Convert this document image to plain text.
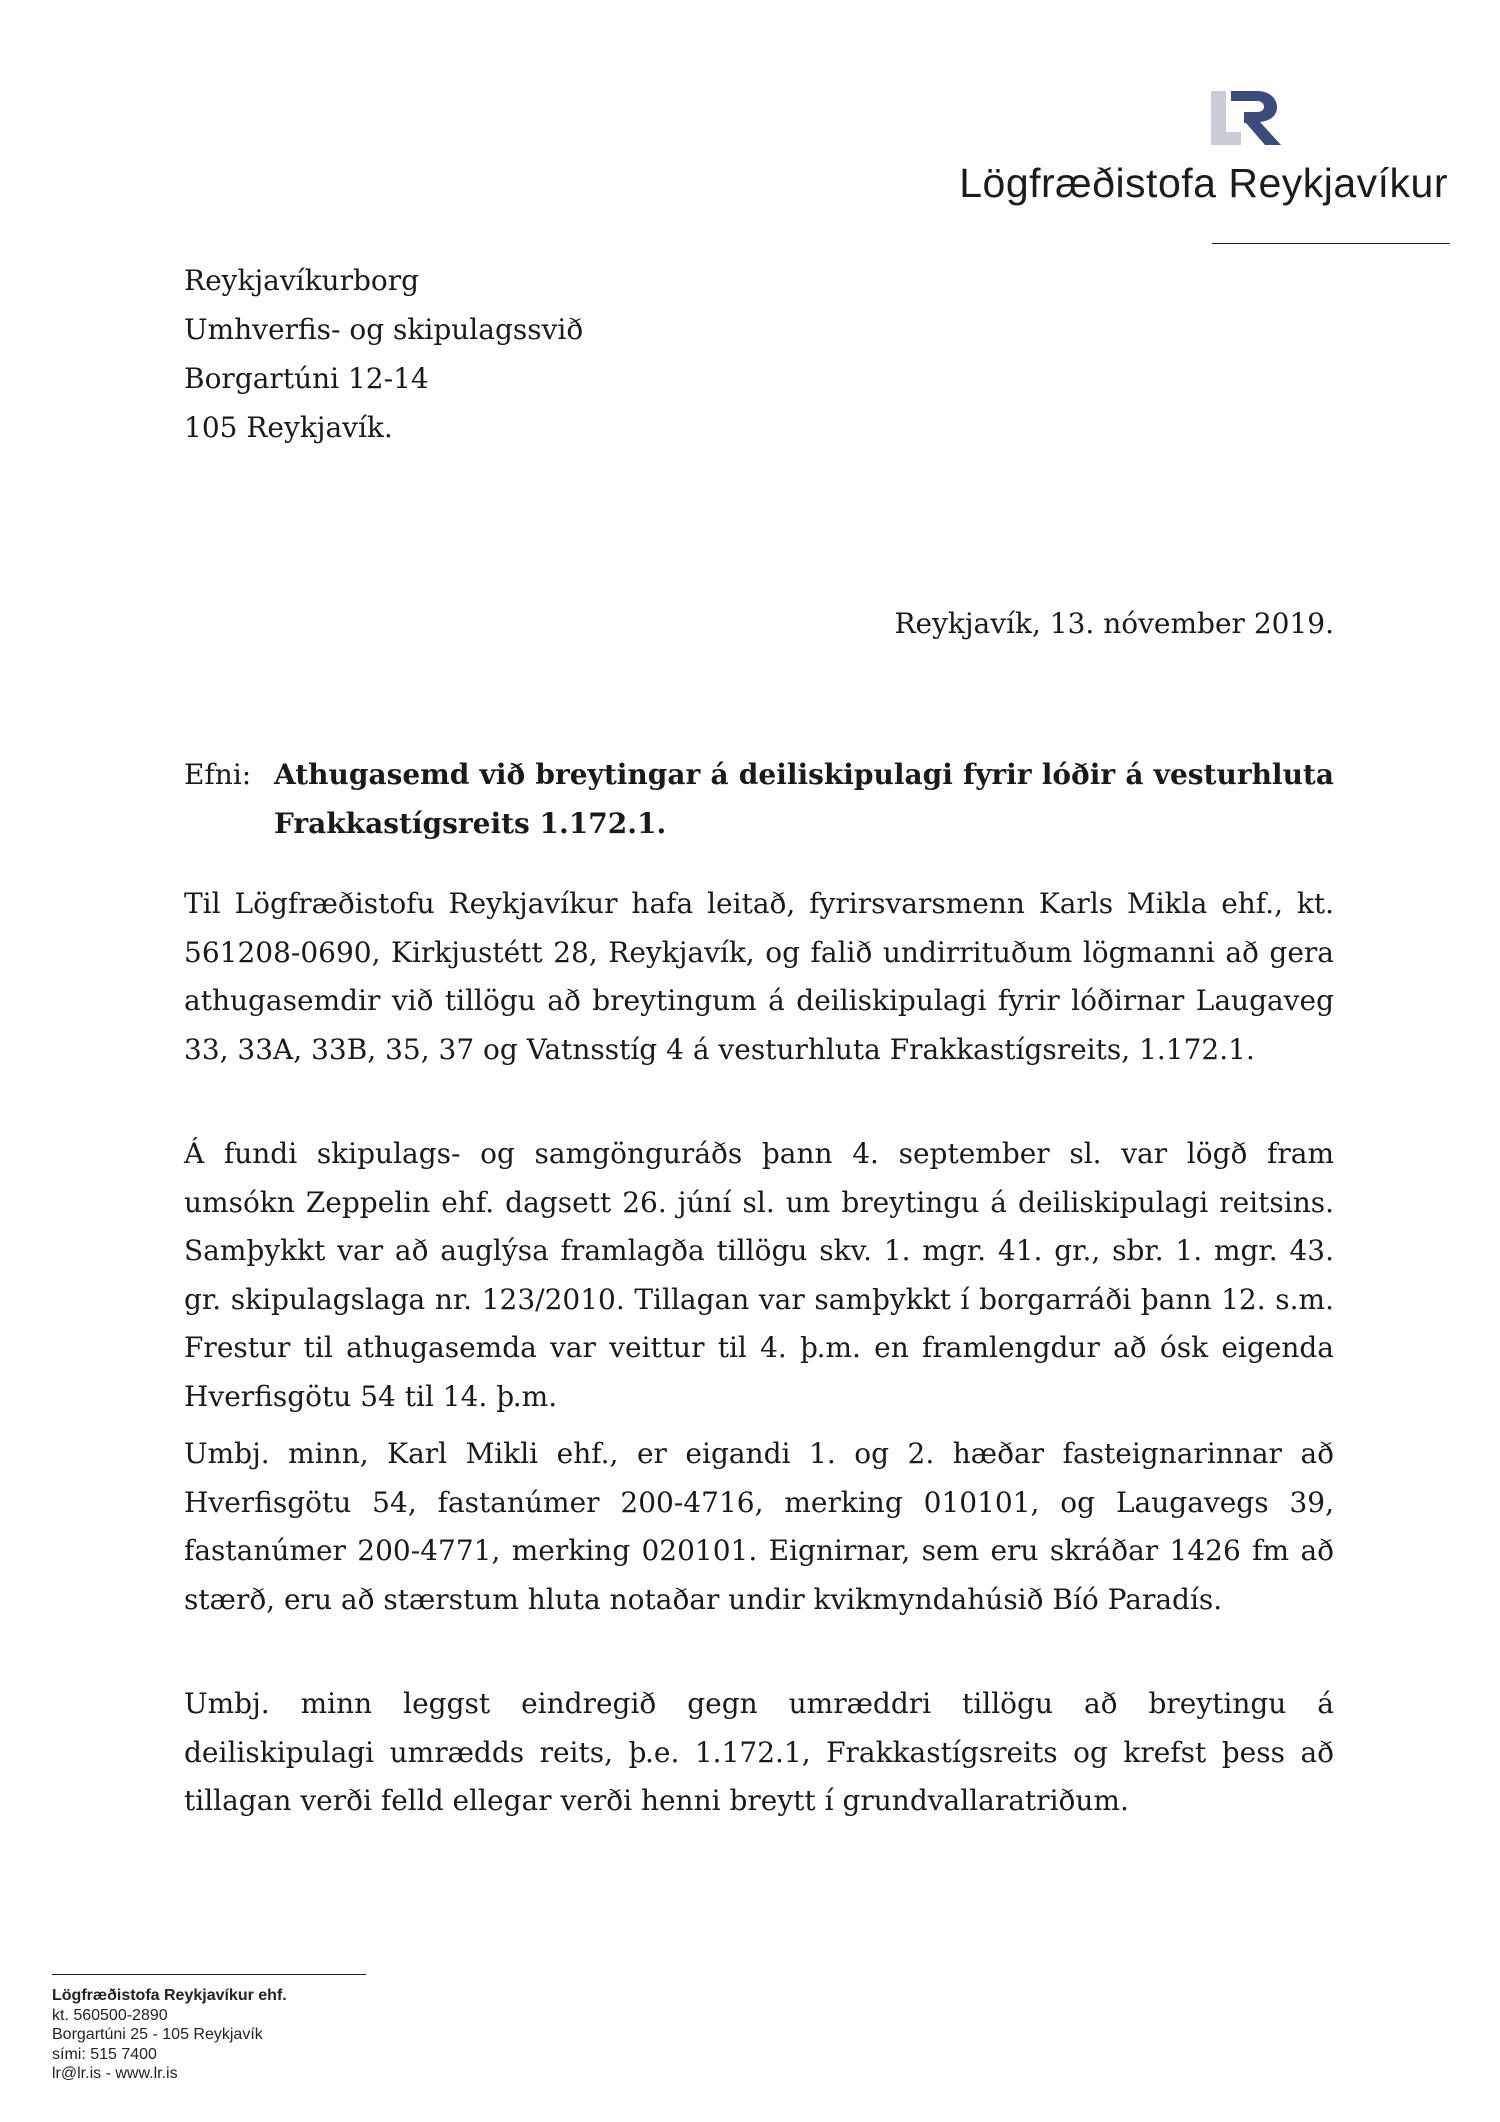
Lögfræðistofa Reykjavíkur
Reykjavíkurborg
Umhverfis- og skipulagssvið
Borgartúni 12-14
105 Reykjavík.
Reykjavík, 13. nóvember 2019.
Efni: Athugasemd við breytingar á deiliskipulagi fyrir lóðir á vesturhluta
Frakkastígsreits 1.172.1.

Til Lögfræðistofu Reykjavíkur hafa leitað, fyrirsvarsmenn Karls Mikla ehf., kt. 561208-0690, Kirkjustétt 28, Reykjavík, og falið undirrituðum lögmanni að gera athugasemdir við tillögu að breytingum á deiliskipulagi fyrir lóðirnar Laugaveg 33, 33A, 33B, 35, 37 og Vatnsstíg 4 á vesturhluta Frakkastígsreits, 1.172.1.

Á fundi skipulags- og samgönguráðs þann 4. september sl. var lögð fram umsókn Zeppelin ehf. dagsett 26. júní sl. um breytingu á deiliskipulagi reitsins. Samþykkt var að auglýsa framlagða tillögu skv. 1. mgr. 41. gr., sbr. 1. mgr. 43. gr. skipulagslaga nr. 123/2010. Tillagan var samþykkt í borgarráði þann 12. s.m. Frestur til athugasemda var veittur til 4. þ.m. en framlengdur að ósk eigenda Hverfisgötu 54 til 14. þ.m.

Umbj. minn, Karl Mikli ehf., er eigandi 1. og 2. hæðar fasteignarinnar að Hverfisgötu 54, fastanúmer 200-4716, merking 010101, og Laugavegs 39, fastanúmer 200-4771, merking 020101. Eignirnar, sem eru skráðar 1426 fm að stærð, eru að stærstum hluta notaðar undir kvikmyndahúsið Bíó Paradís.

Umbj. minn leggst eindregið gegn umræddri tillögu að breytingu á deiliskipulagi umrædds reits, þ.e. 1.172.1, Frakkastígsreits og krefst þess að tillagan verði felld ellegar verði henni breytt í grundvallaratriðum.

Lögfræðistofa Reykjavíkur ehf.
kt. 560500-2890
Borgartúni 25 - 105 Reykjavík
sími: 515 7400
lr@lr.is - www.lr.is
